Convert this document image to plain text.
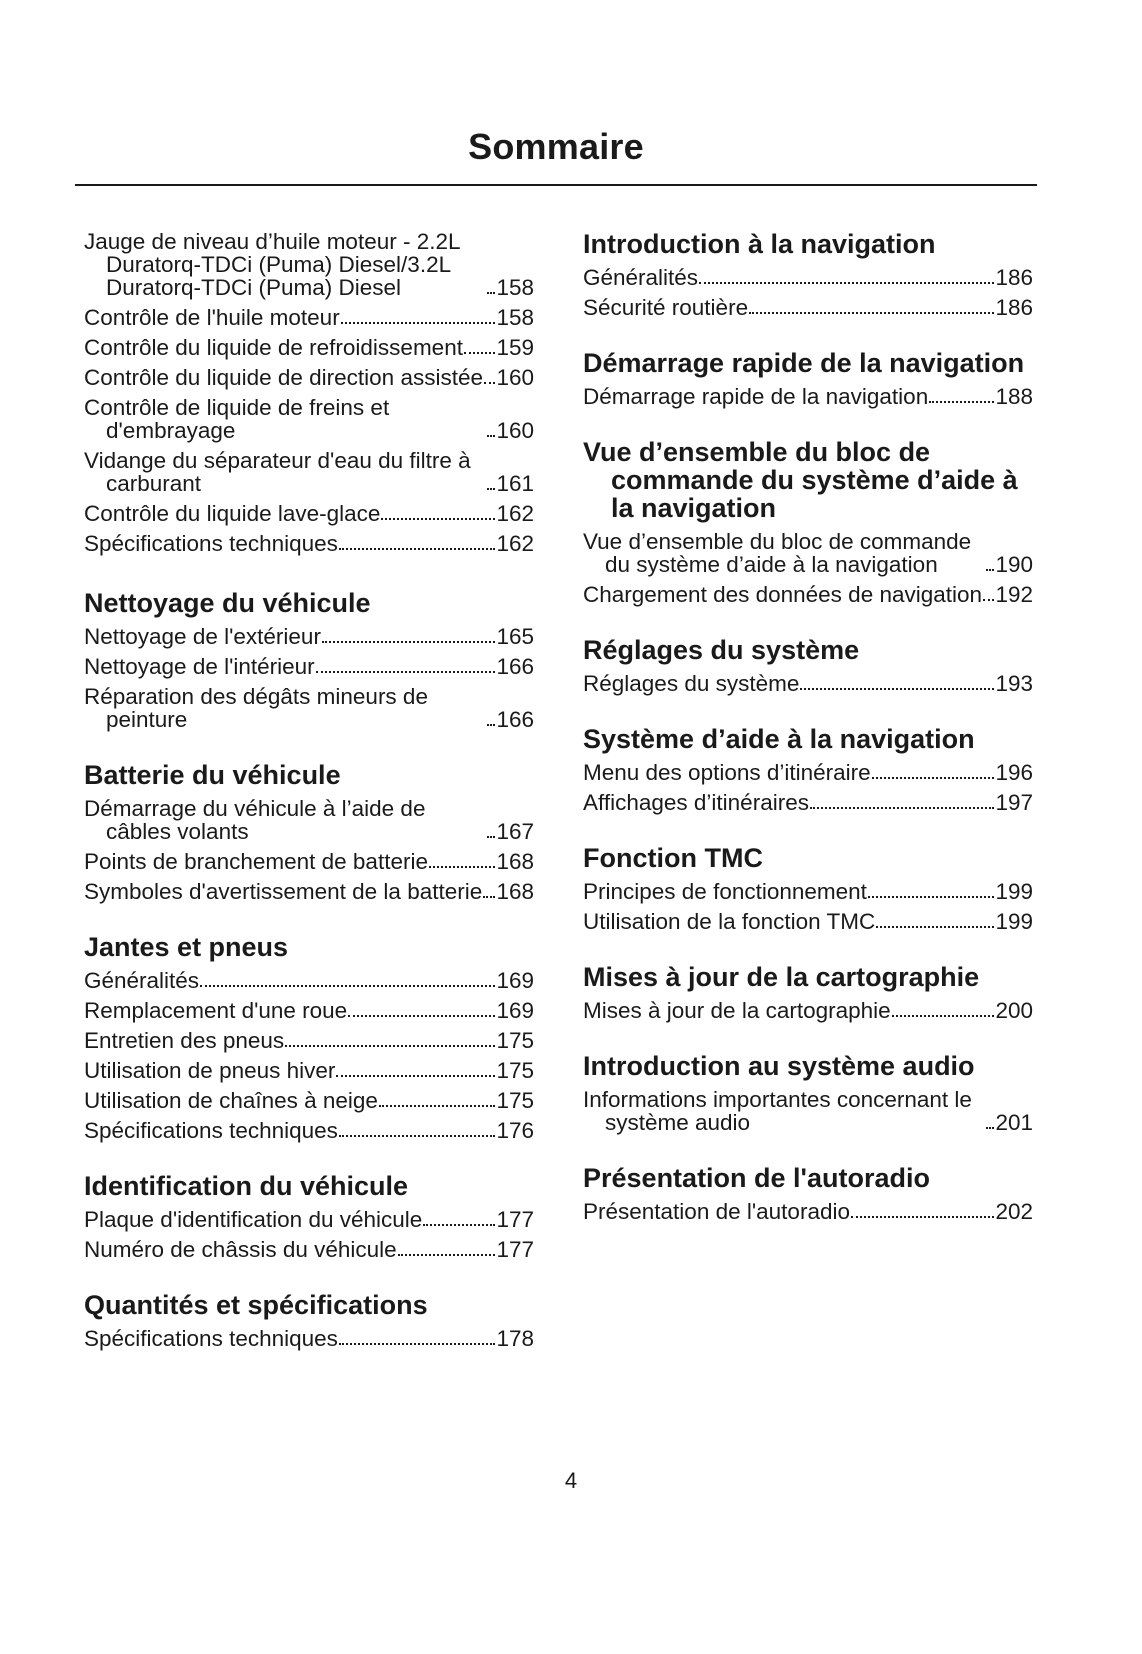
Sommaire
Jauge de niveau d’huile moteur - 2.2L Duratorq-TDCi (Puma) Diesel/3.2L Duratorq-TDCi (Puma) Diesel	158
Contrôle de l'huile moteur	158
Contrôle du liquide de refroidissement 159
Contrôle du liquide de direction assistée 160
Contrôle de liquide de freins et d'embrayage	160
Vidange du séparateur d'eau du filtre à carburant	161
Contrôle du liquide lave-glace	162
Spécifications techniques	162
Nettoyage du véhicule
Nettoyage de l'extérieur	165
Nettoyage de l'intérieur	166
Réparation des dégâts mineurs de peinture	166
Batterie du véhicule
Démarrage du véhicule à l’aide de câbles volants	167
Points de branchement de batterie	168
Symboles d'avertissement de la batterie 168
Jantes et pneus
Généralités	169
Remplacement d'une roue	169
Entretien des pneus	175
Utilisation de pneus hiver	175
Utilisation de chaînes à neige	175
Spécifications techniques	176
Identification du véhicule
Plaque d'identification du véhicule	177
Numéro de châssis du véhicule	177
Quantités et spécifications
Spécifications techniques	178
Introduction à la navigation
Généralités	186
Sécurité routière	186
Démarrage rapide de la navigation
Démarrage rapide de la navigation	188
Vue d’ensemble du bloc de commande du système d’aide à la navigation
Vue d’ensemble du bloc de commande du système d’aide à la navigation	190
Chargement des données de navigation 192
Réglages du système
Réglages du système	193
Système d’aide à la navigation
Menu des options d’itinéraire	196
Affichages d’itinéraires	197
Fonction TMC
Principes de fonctionnement	199
Utilisation de la fonction TMC	199
Mises à jour de la cartographie
Mises à jour de la cartographie	200
Introduction au système audio
Informations importantes concernant le système audio	201
Présentation de l'autoradio
Présentation de l'autoradio	202
4
